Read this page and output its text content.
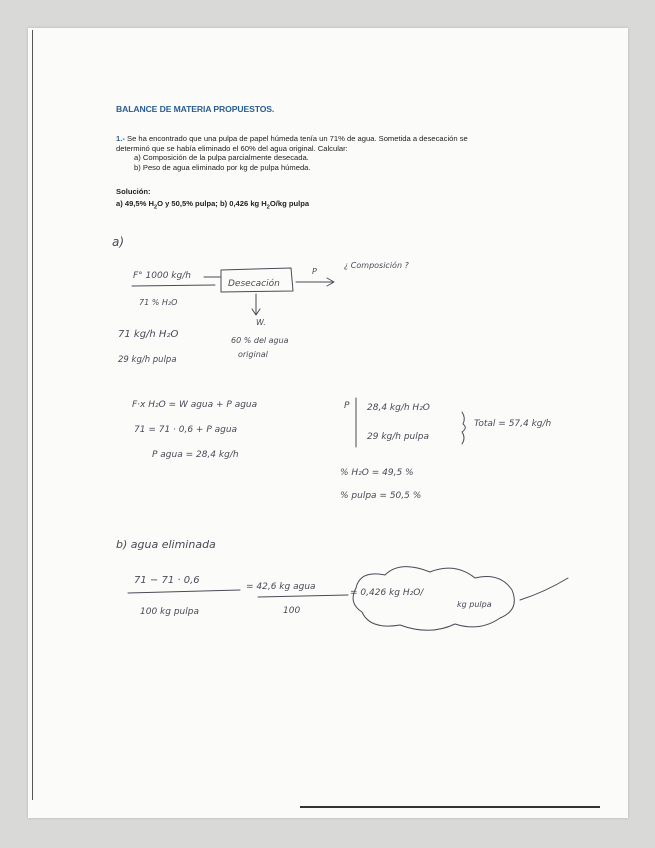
BALANCE DE MATERIA PROPUESTOS.
1.- Se ha encontrado que una pulpa de papel húmeda tenía un 71% de agua. Sometida a desecación se
determinó que se había eliminado el 60% del agua original. Calcular:
a) Composición de la pulpa parcialmente desecada.
b) Peso de agua eliminado por kg de pulpa húmeda.
Solución:
a) 49,5% $H_2O$ y 50,5% pulpa; b) 0,426 kg $H_2O/kg$ pulpa
a)
F° 1000 kg/h
71 % H₂O
Desecación
P
¿ Composición ?
W.
60 % del agua
original
71 kg/h H₂O
29 kg/h pulpa
F·x H₂O = W agua + P agua
71 = 71 · 0,6 + P agua
P agua = 28,4 kg/h
P 28,4 kg/h H₂O
29 kg/h pulpa
Total = 57,4 kg/h
% H₂O = 49,5 %
% pulpa = 50,5 %
b) agua eliminada
71 − 71 · 0,6
100 kg pulpa
= 42,6 kg agua
100
= 0,426 kg H₂O/
kg pulpa
